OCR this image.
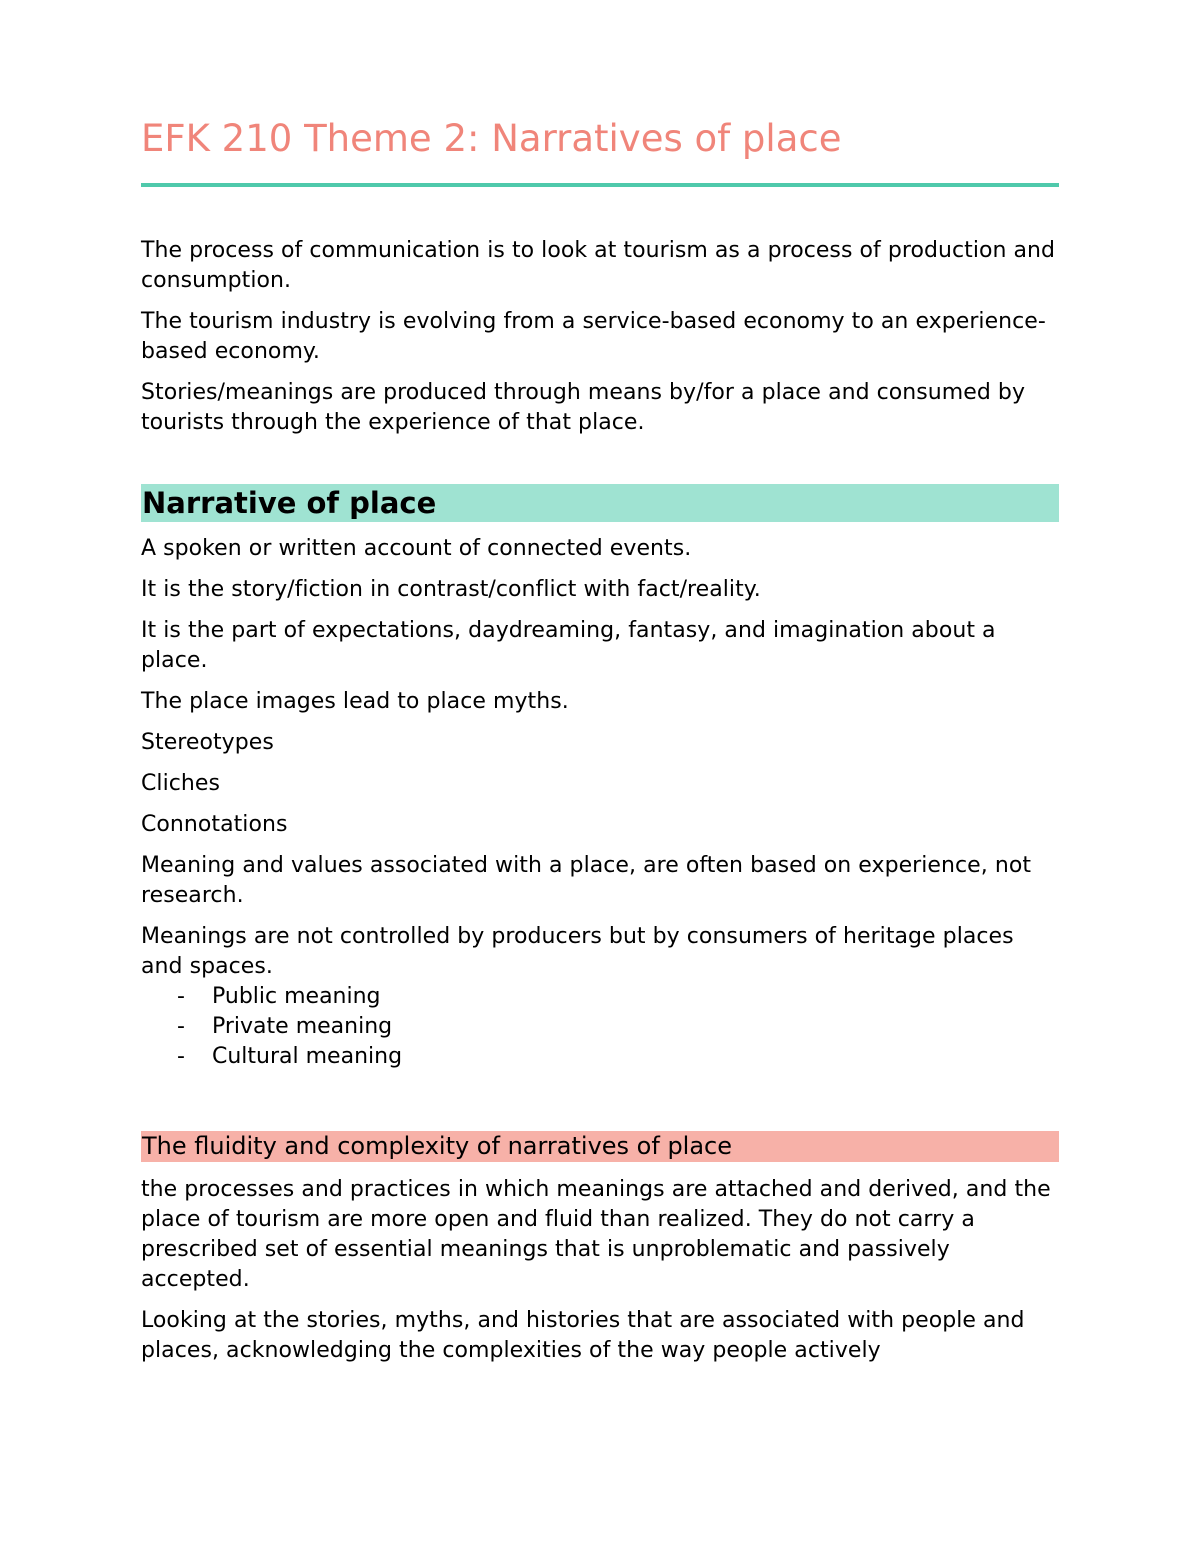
EFK 210 Theme 2: Narratives of place

The process of communication is to look at tourism as a process of production and consumption.

The tourism industry is evolving from a service-based economy to an experience-based economy.

Stories/meanings are produced through means by/for a place and consumed by tourists through the experience of that place.

Narrative of place

A spoken or written account of connected events.

It is the story/fiction in contrast/conflict with fact/reality.

It is the part of expectations, daydreaming, fantasy, and imagination about a place.

The place images lead to place myths.

Stereotypes

Cliches

Connotations

Meaning and values associated with a place, are often based on experience, not research.

Meanings are not controlled by producers but by consumers of heritage places and spaces.

- Public meaning
- Private meaning
- Cultural meaning
The fluidity and complexity of narratives of place

the processes and practices in which meanings are attached and derived, and the place of tourism are more open and fluid than realized. They do not carry a prescribed set of essential meanings that is unproblematic and passively accepted.

Looking at the stories, myths, and histories that are associated with people and places, acknowledging the complexities of the way people actively
